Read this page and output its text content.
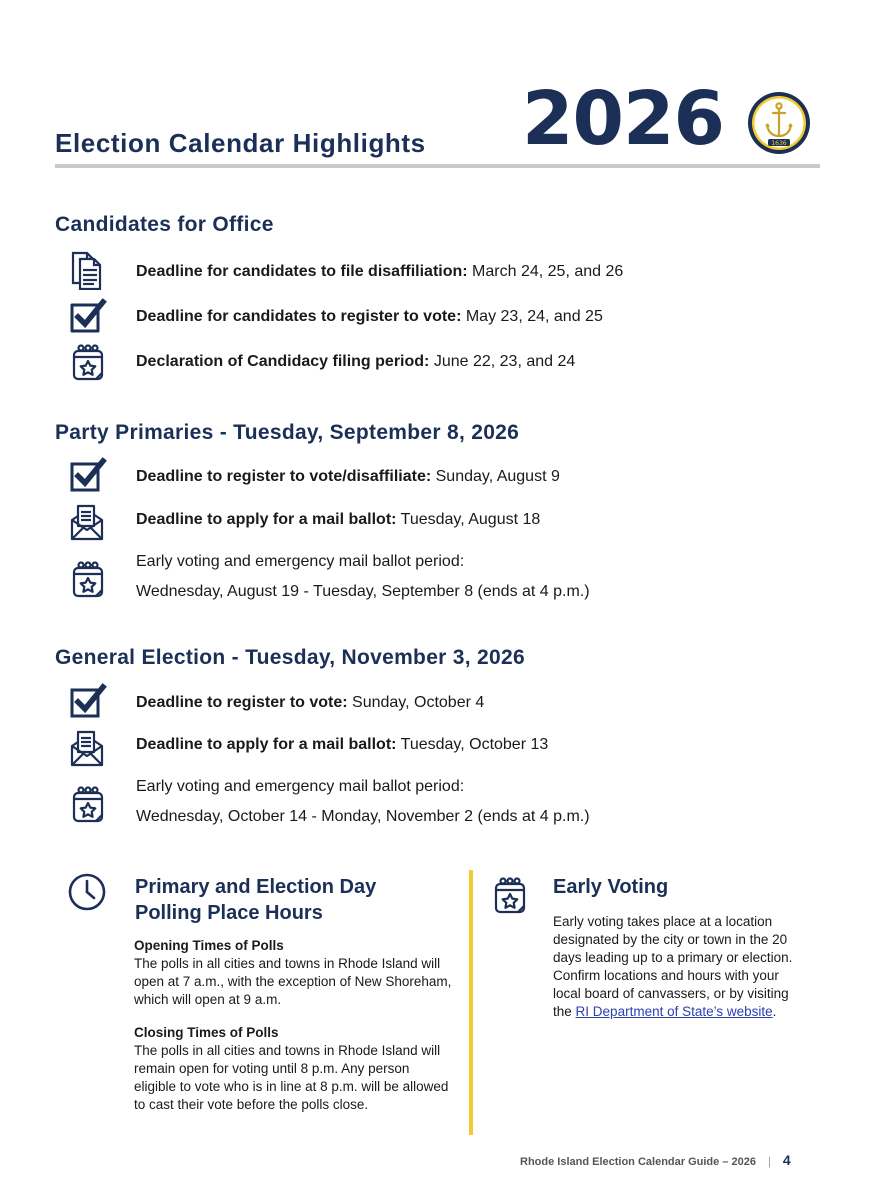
Election Calendar Highlights 2026	1636
Candidates for Office
Deadline for candidates to file disaffiliation: March 24, 25, and 26
Deadline for candidates to register to vote: May 23, 24, and 25
Declaration of Candidacy filing period: June 22, 23, and 24
Party Primaries - Tuesday, September 8, 2026
Deadline to register to vote/disaffiliate: Sunday, August 9
Deadline to apply for a mail ballot: Tuesday, August 18
Early voting and emergency mail ballot period:
Wednesday, August 19 - Tuesday, September 8 (ends at 4 p.m.)
General Election - Tuesday, November 3, 2026
Deadline to register to vote: Sunday, October 4
Deadline to apply for a mail ballot: Tuesday, October 13
Early voting and emergency mail ballot period:
Wednesday, October 14 - Monday, November 2 (ends at 4 p.m.)
Primary and Election Day
Polling Place Hours
Opening Times of Polls
The polls in all cities and towns in Rhode Island will open at 7 a.m., with the exception of New Shoreham, which will open at 9 a.m.
Closing Times of Polls
The polls in all cities and towns in Rhode Island will remain open for voting until 8 p.m. Any person eligible to vote who is in line at 8 p.m. will be allowed to cast their vote before the polls close.
Early Voting
Early voting takes place at a location designated by the city or town in the 20 days leading up to a primary or election.
Confirm locations and hours with your local board of canvassers, or by visiting the RI Department of State’s website.
Rhode Island Election Calendar Guide – 2026 | 4
